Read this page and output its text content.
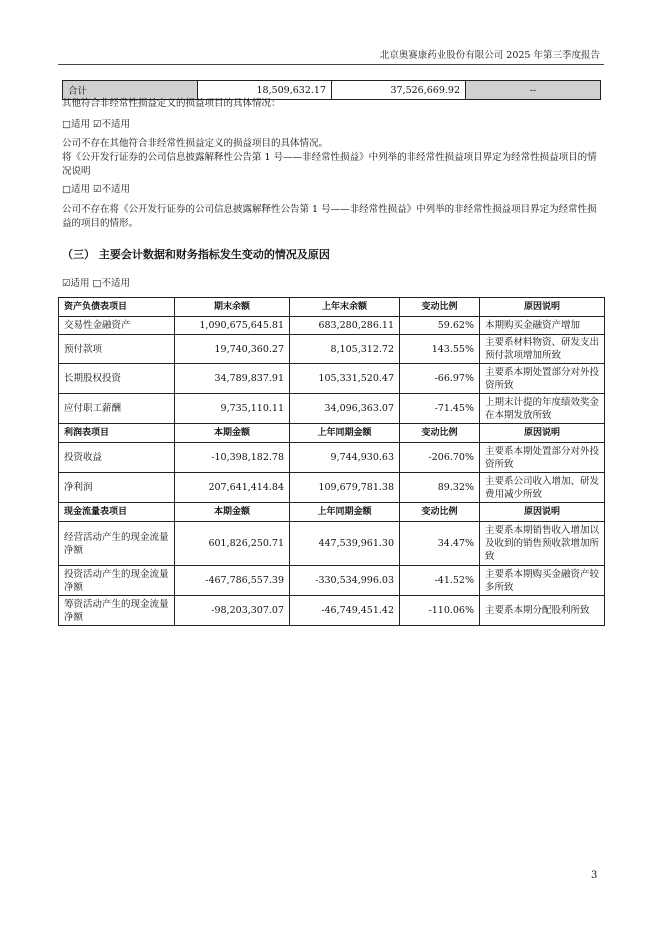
北京奥赛康药业股份有限公司 2025 年第三季度报告
合计	18,509,632.17	37,526,669.92	--
其他符合非经常性损益定义的损益项目的具体情况：
□适用 ☑不适用
公司不存在其他符合非经常性损益定义的损益项目的具体情况。
将《公开发行证券的公司信息披露解释性公告第 1 号——非经常性损益》中列举的非经常性损益项目界定为经常性损益项目的情况说明
□适用 ☑不适用
公司不存在将《公开发行证券的公司信息披露解释性公告第 1 号——非经常性损益》中列举的非经常性损益项目界定为经常性损益的项目的情形。
（三） 主要会计数据和财务指标发生变动的情况及原因
☑适用 □不适用
资产负债表项目	期末余额	上年末余额	变动比例	原因说明
交易性金融资产	1,090,675,645.81	683,280,286.11	59.62%	本期购买金融资产增加
预付款项	19,740,360.27	8,105,312.72	143.55%	主要系材料物资、研发支出预付款项增加所致
长期股权投资	34,789,837.91	105,331,520.47	-66.97%	主要系本期处置部分对外投资所致
应付职工薪酬	9,735,110.11	34,096,363.07	-71.45%	上期末计提的年度绩效奖金在本期发放所致
利润表项目	本期金额	上年同期金额	变动比例	原因说明
投资收益	-10,398,182.78	9,744,930.63	-206.70%	主要系本期处置部分对外投资所致
净利润	207,641,414.84	109,679,781.38	89.32%	主要系公司收入增加、研发费用减少所致
现金流量表项目	本期金额	上年同期金额	变动比例	原因说明
经营活动产生的现金流量净额	601,826,250.71	447,539,961.30	34.47%	主要系本期销售收入增加以及收到的销售预收款增加所致
投资活动产生的现金流量净额	-467,786,557.39	-330,534,996.03	-41.52%	主要系本期购买金融资产较多所致
筹资活动产生的现金流量净额	-98,203,307.07	-46,749,451.42	-110.06%	主要系本期分配股利所致
3
